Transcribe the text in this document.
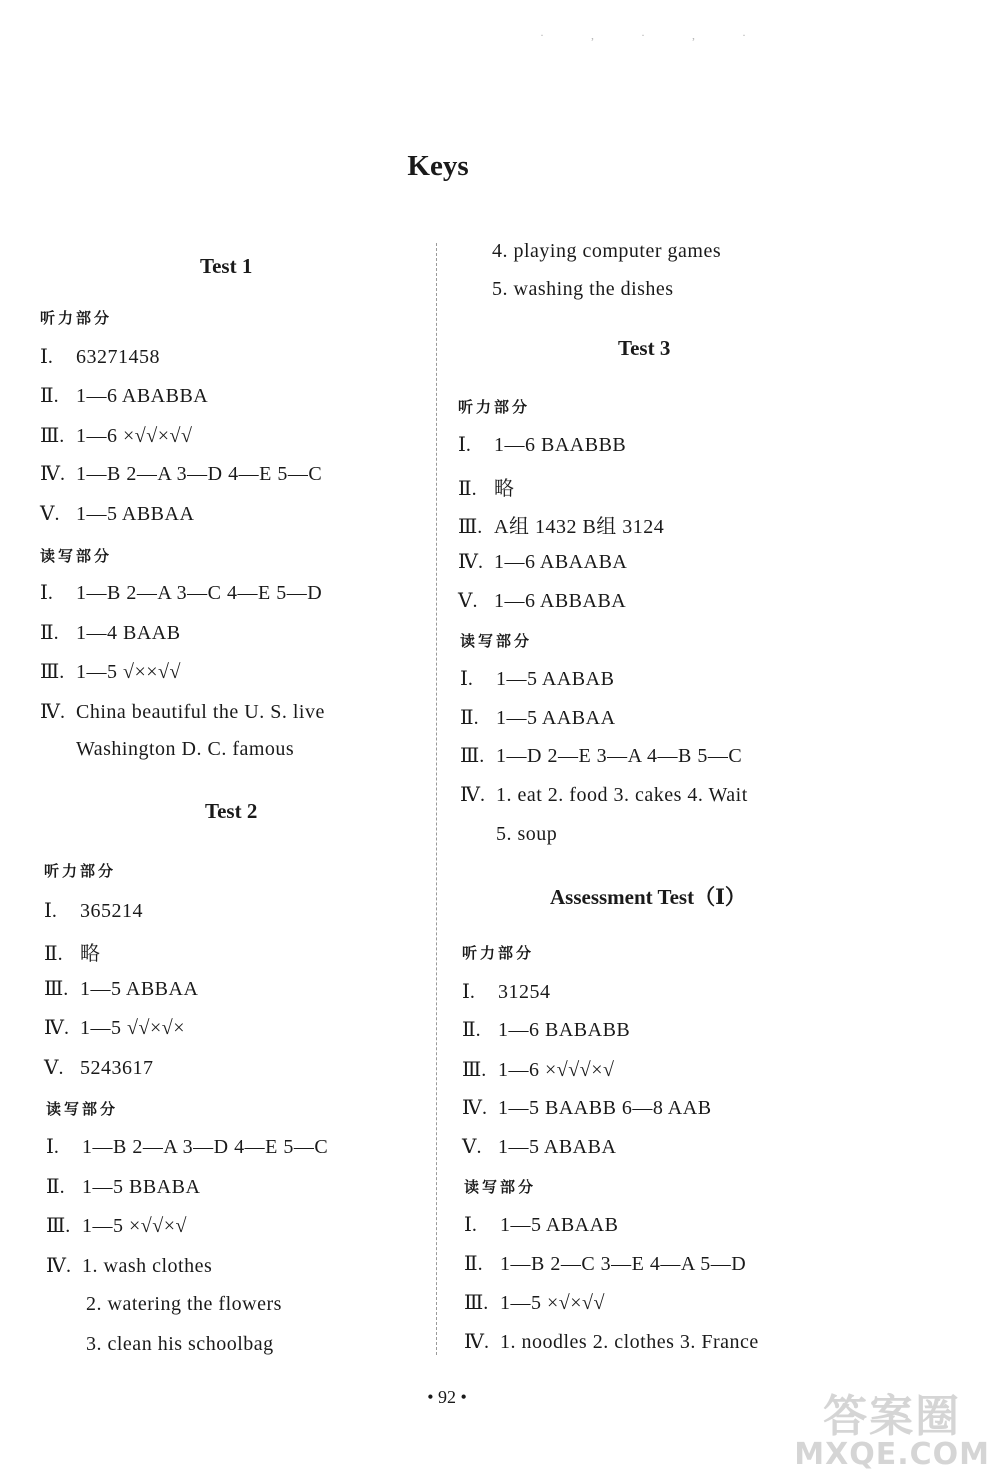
· , · , ·
Keys
Test 1
听力部分
Ⅰ. 63271458
Ⅱ. 1—6 ABABBA
Ⅲ. 1—6 ×√√×√√
Ⅳ. 1—B 2—A 3—D 4—E 5—C
Ⅴ. 1—5 ABBAA
读写部分
Ⅰ. 1—B 2—A 3—C 4—E 5—D
Ⅱ. 1—4 BAAB
Ⅲ. 1—5 √××√√
Ⅳ. China beautiful the U. S. live
Washington D. C. famous
Test 2
听力部分
Ⅰ. 365214
Ⅱ. 略
Ⅲ. 1—5 ABBAA
Ⅳ. 1—5 √√×√×
Ⅴ. 5243617
读写部分
Ⅰ. 1—B 2—A 3—D 4—E 5—C
Ⅱ. 1—5 BBABA
Ⅲ. 1—5 ×√√×√
Ⅳ. 1. wash clothes
2. watering the flowers
3. clean his schoolbag
4. playing computer games
5. washing the dishes
Test 3
听力部分
Ⅰ. 1—6 BAABBB
Ⅱ. 略
Ⅲ. A组 1432 B组 3124
Ⅳ. 1—6 ABAABA
Ⅴ. 1—6 ABBABA
读写部分
Ⅰ. 1—5 AABAB
Ⅱ. 1—5 AABAA
Ⅲ. 1—D 2—E 3—A 4—B 5—C
Ⅳ. 1. eat 2. food 3. cakes 4. Wait
5. soup
Assessment Test（Ⅰ）
听力部分
Ⅰ. 31254
Ⅱ. 1—6 BABABB
Ⅲ. 1—6 ×√√√×√
Ⅳ. 1—5 BAABB 6—8 AAB
Ⅴ. 1—5 ABABA
读写部分
Ⅰ. 1—5 ABAAB
Ⅱ. 1—B 2—C 3—E 4—A 5—D
Ⅲ. 1—5 ×√×√√
Ⅳ. 1. noodles 2. clothes 3. France
• 92 •	答案圈
MXQE.COM
